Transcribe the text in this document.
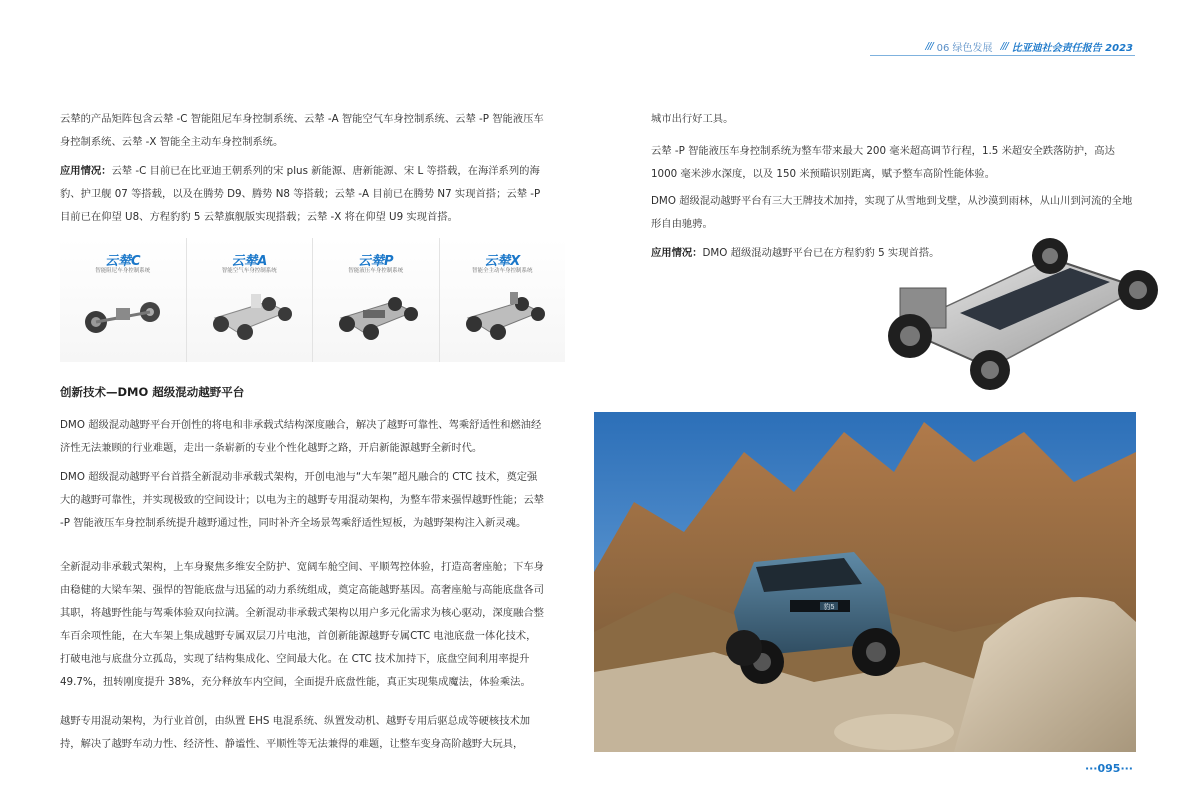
/// 06 绿色发展 /// 比亚迪社会责任报告 2023

云辇的产品矩阵包含云辇 -C 智能阻尼车身控制系统、云辇 -A 智能空气车身控制系统、云辇 -P 智能液压车身控制系统、云辇 -X 智能全主动车身控制系统。

应用情况：云辇 -C 目前已在比亚迪王朝系列的宋 plus 新能源、唐新能源、宋 L 等搭载，在海洋系列的海豹、护卫舰 07 等搭载，以及在腾势 D9、腾势 N8 等搭载；云辇 -A 目前已在腾势 N7 实现首搭；云辇 -P 目前已在仰望 U8、方程豹豹 5 云辇旗舰版实现搭载；云辇 -X 将在仰望 U9 实现首搭。

云辇C
智能阻尼车身控制系统
云辇A
智能空气车身控制系统
云辇P
智能液压车身控制系统
云辇X
智能全主动车身控制系统
创新技术—DMO 超级混动越野平台

DMO 超级混动越野平台开创性的将电和非承载式结构深度融合，解决了越野可靠性、驾乘舒适性和燃油经济性无法兼顾的行业难题，走出一条崭新的专业个性化越野之路，开启新能源越野全新时代。

DMO 超级混动越野平台首搭全新混动非承载式架构，开创电池与“大车架”超凡融合的 CTC 技术，奠定强大的越野可靠性，并实现极致的空间设计；以电为主的越野专用混动架构，为整车带来强悍越野性能；云辇 -P 智能液压车身控制系统提升越野通过性，同时补齐全场景驾乘舒适性短板，为越野架构注入新灵魂。

全新混动非承载式架构，上车身聚焦多维安全防护、宽阔车舱空间、平顺驾控体验，打造高奢座舱；下车身由稳健的大梁车架、强悍的智能底盘与迅猛的动力系统组成，奠定高能越野基因。高奢座舱与高能底盘各司其职，将越野性能与驾乘体验双向拉满。全新混动非承载式架构以用户多元化需求为核心驱动，深度融合整车百余项性能，在大车架上集成越野专属双层刀片电池，首创新能源越野专属CTC 电池底盘一体化技术，打破电池与底盘分立孤岛，实现了结构集成化、空间最大化。在 CTC 技术加持下，底盘空间利用率提升 49.7%，扭转刚度提升 38%，充分释放车内空间，全面提升底盘性能，真正实现集成魔法，体验乘法。

越野专用混动架构，为行业首创，由纵置 EHS 电混系统、纵置发动机、越野专用后驱总成等硬核技术加持，解决了越野车动力性、经济性、静谧性、平顺性等无法兼得的难题，让整车变身高阶越野大玩具，

城市出行好工具。

云辇 -P 智能液压车身控制系统为整车带来最大 200 毫米超高调节行程，1.5 米超安全跌落防护，高达1000 毫米涉水深度，以及 150 米预瞄识别距离，赋予整车高阶性能体验。

DMO 超级混动越野平台有三大王牌技术加持，实现了从雪地到戈壁，从沙漠到雨林，从山川到河流的全地形自由驰骋。

应用情况：DMO 超级混动越野平台已在方程豹豹 5 实现首搭。

豹5
···095···
